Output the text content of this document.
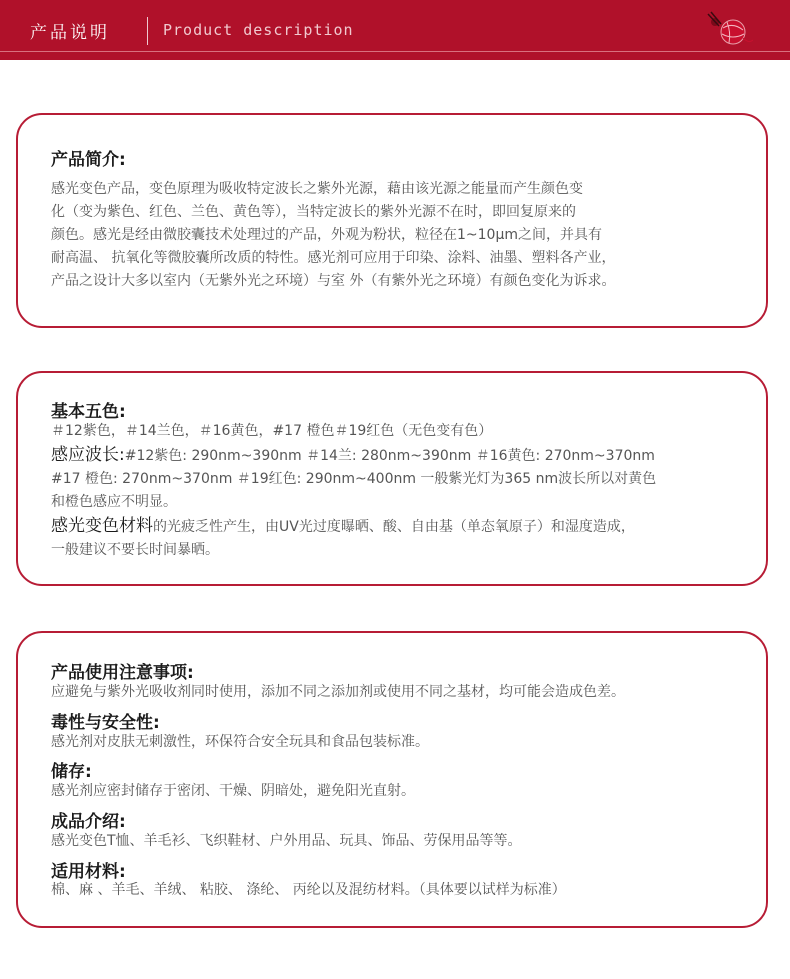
产品说明	Product description
产品简介:
感光变色产品，变色原理为吸收特定波长之紫外光源，藉由该光源之能量而产生颜色变
化（变为紫色、红色、兰色、黄色等），当特定波长的紫外光源不在时，即回复原来的
颜色。感光是经由微胶囊技术处理过的产品，外观为粉状，粒径在1~10μm之间，并具有
耐高温、 抗氧化等微胶囊所改质的特性。感光剂可应用于印染、涂料、油墨、塑料各产业，
产品之设计大多以室内（无紫外光之环境）与室 外（有紫外光之环境）有颜色变化为诉求。
基本五色:
＃12紫色，＃14兰色，＃16黄色，#17 橙色＃19红色（无色变有色）
感应波长:#12紫色: 290nm~390nm ＃14兰: 280nm~390nm ＃16黄色: 270nm~370nm
#17 橙色: 270nm~370nm ＃19红色: 290nm~400nm 一般紫光灯为365 nm波长所以对黄色
和橙色感应不明显。
感光变色材料的光疲乏性产生，由UV光过度曝晒、酸、自由基（单态氧原子）和湿度造成，
一般建议不要长时间暴晒。
产品使用注意事项:
应避免与紫外光吸收剂同时使用，添加不同之添加剂或使用不同之基材，均可能会造成色差。
毒性与安全性:
感光剂对皮肤无刺激性，环保符合安全玩具和食品包装标准。
储存:
感光剂应密封储存于密闭、干燥、阴暗处，避免阳光直射。
成品介绍:
感光变色T恤、羊毛衫、飞织鞋材、户外用品、玩具、饰品、劳保用品等等。
适用材料:
棉、麻 、羊毛、羊绒、 粘胶、 涤纶、 丙纶以及混纺材料。（具体要以试样为标准）
